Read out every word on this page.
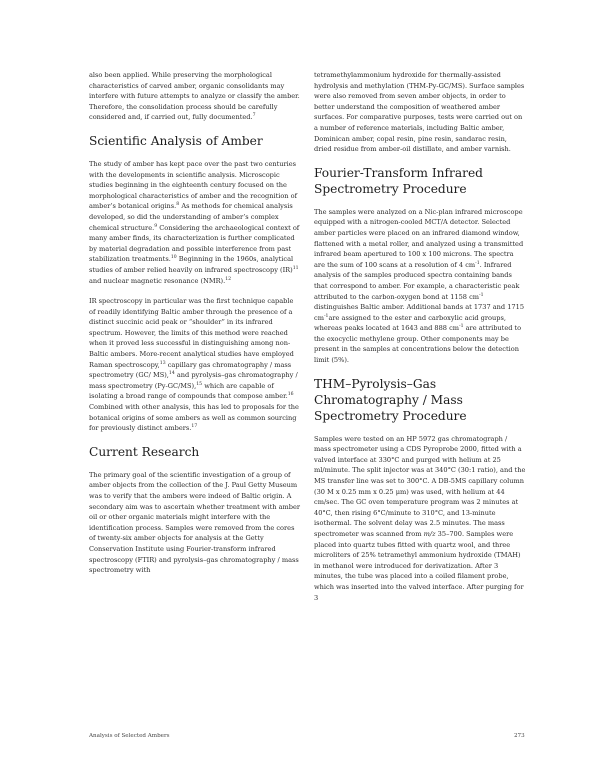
also been applied. While preserving the morphological characteristics of carved amber, organic consolidants may interfere with future attempts to analyze or classify the amber. Therefore, the consolidation process should be carefully considered and, if carried out, fully documented.$^7$

Scientific Analysis of Amber

The study of amber has kept pace over the past two centuries with the developments in scientific analysis. Microscopic studies beginning in the eighteenth century focused on the morphological characteristics of amber and the recognition of amber’s botanical origins.$^8$ As methods for chemical analysis developed, so did the understanding of amber’s complex chemical structure.$^9$ Considering the archaeological context of many amber finds, its characterization is further complicated by material degradation and possible interference from past stabilization treatments.$^{10}$ Beginning in the 1960s, analytical studies of amber relied heavily on infrared spectroscopy (IR)$^{11}$ and nuclear magnetic resonance (NMR).$^{12}$

IR spectroscopy in particular was the first technique capable of readily identifying Baltic amber through the presence of a distinct succinic acid peak or “shoulder” in its infrared spectrum. However, the limits of this method were reached when it proved less successful in distinguishing among non-Baltic ambers. More-recent analytical studies have employed Raman spectroscopy,$^{13}$ capillary gas chromatography / mass spectrometry (GC/ MS),$^{14}$ and pyrolysis–gas chromatography / mass spectrometry (Py-GC/MS),$^{15}$ which are capable of isolating a broad range of compounds that compose amber.$^{16}$ Combined with other analysis, this has led to proposals for the botanical origins of some ambers as well as common sourcing for previously distinct ambers.$^{17}$

Current Research

The primary goal of the scientific investigation of a group of amber objects from the collection of the J. Paul Getty Museum was to verify that the ambers were indeed of Baltic origin. A secondary aim was to ascertain whether treatment with amber oil or other organic materials might interfere with the identification process. Samples were removed from the cores of twenty-six amber objects for analysis at the Getty Conservation Institute using Fourier-transform infrared spectroscopy (FTIR) and pyrolysis–gas chromatography / mass spectrometry with

tetramethylammonium hydroxide for thermally-assisted hydrolysis and methylation (THM-Py-GC/MS). Surface samples were also removed from seven amber objects, in order to better understand the composition of weathered amber surfaces. For comparative purposes, tests were carried out on a number of reference materials, including Baltic amber, Dominican amber, copal resin, pine resin, sandarac resin, dried residue from amber-oil distillate, and amber varnish.

Fourier-Transform Infrared Spectrometry Procedure

The samples were analyzed on a Nic-plan infrared microscope equipped with a nitrogen-cooled MCT/A detector. Selected amber particles were placed on an infrared diamond window, flattened with a metal roller, and analyzed using a transmitted infrared beam apertured to 100 x 100 microns. The spectra are the sum of 100 scans at a resolution of 4 $cm^{-1}$. Infrared analysis of the samples produced spectra containing bands that correspond to amber. For example, a characteristic peak attributed to the carbon-oxygen bond at 1158 $cm^{-1}$ distinguishes Baltic amber. Additional bands at 1737 and 1715 $cm^{-1}are$ assigned to the ester and carboxylic acid groups, whereas peaks located at 1643 and 888 $cm^{-1}$ are attributed to the exocyclic methylene group. Other components may be present in the samples at concentrations below the detection limit (5%).

THM–Pyrolysis–Gas Chromatography / Mass Spectrometry Procedure

Samples were tested on an HP 5972 gas chromatograph / mass spectrometer using a CDS Pyroprobe 2000, fitted with a valved interface at 330°C and purged with helium at 25 ml/minute. The split injector was at 340°C (30:1 ratio), and the MS transfer line was set to 300°C. A DB-5MS capillary column (30 M x 0.25 mm x 0.25 μm) was used, with helium at 44 cm/sec. The GC oven temperature program was 2 minutes at 40°C, then rising 6°C/minute to 310°C, and 13-minute isothermal. The solvent delay was 2.5 minutes. The mass spectrometer was scanned from m/z 35–700. Samples were placed into quartz tubes fitted with quartz wool, and three microliters of 25% tetramethyl ammonium hydroxide (TMAH) in methanol were introduced for derivatization. After 3 minutes, the tube was placed into a coiled filament probe, which was inserted into the valved interface. After purging for 3

Analysis of Selected Ambers	273
